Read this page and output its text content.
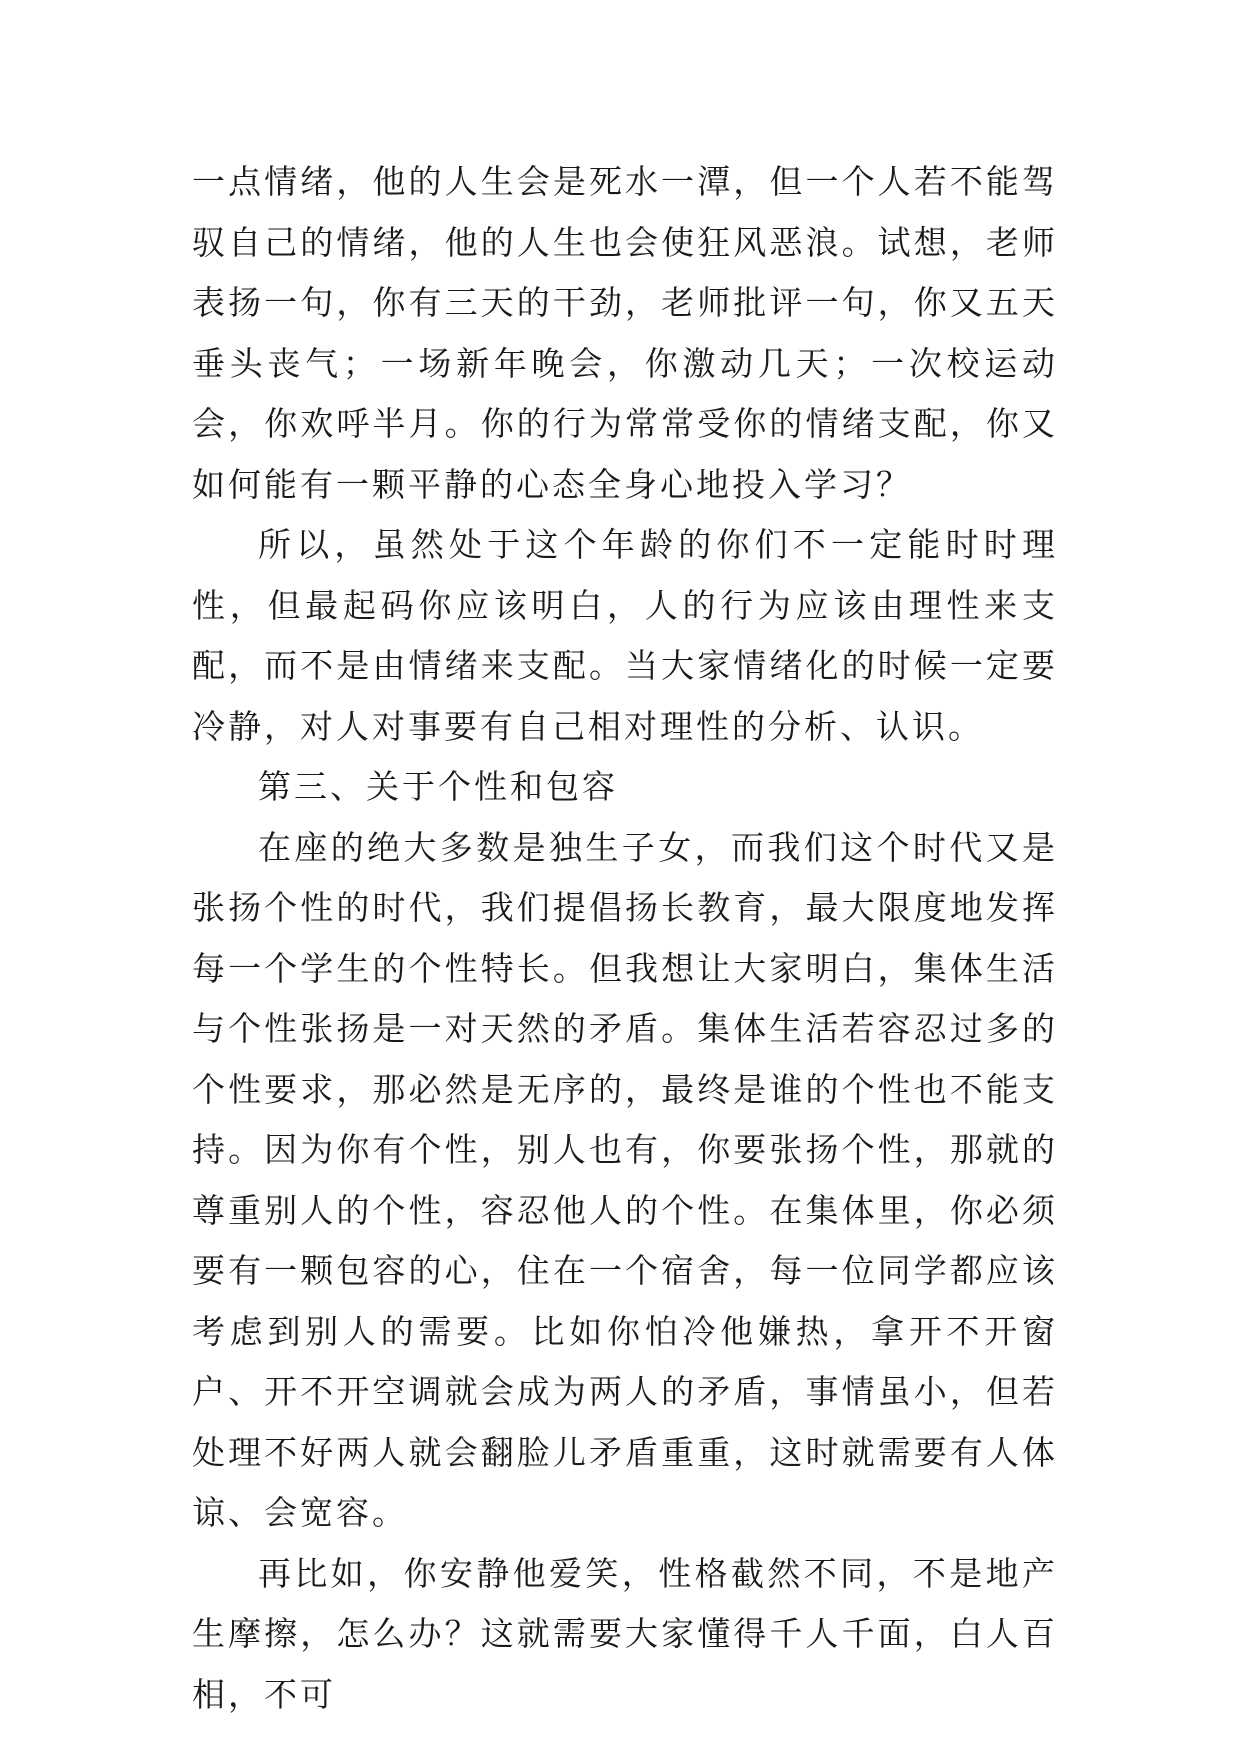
一点情绪，他的人生会是死水一潭，但一个人若不能驾驭自己的情绪，他的人生也会使狂风恶浪。试想，老师表扬一句，你有三天的干劲，老师批评一句，你又五天垂头丧气；一场新年晚会，你激动几天；一次校运动会，你欢呼半月。你的行为常常受你的情绪支配，你又如何能有一颗平静的心态全身心地投入学习？

所以，虽然处于这个年龄的你们不一定能时时理性，但最起码你应该明白，人的行为应该由理性来支配，而不是由情绪来支配。当大家情绪化的时候一定要冷静，对人对事要有自己相对理性的分析、认识。

第三、关于个性和包容

在座的绝大多数是独生子女，而我们这个时代又是张扬个性的时代，我们提倡扬长教育，最大限度地发挥每一个学生的个性特长。但我想让大家明白，集体生活与个性张扬是一对天然的矛盾。集体生活若容忍过多的个性要求，那必然是无序的，最终是谁的个性也不能支持。因为你有个性，别人也有，你要张扬个性，那就的尊重别人的个性，容忍他人的个性。在集体里，你必须要有一颗包容的心，住在一个宿舍，每一位同学都应该考虑到别人的需要。比如你怕冷他嫌热，拿开不开窗户、开不开空调就会成为两人的矛盾，事情虽小，但若处理不好两人就会翻脸儿矛盾重重，这时就需要有人体谅、会宽容。

再比如，你安静他爱笑，性格截然不同，不是地产生摩擦，怎么办？这就需要大家懂得千人千面，白人百相，不可
